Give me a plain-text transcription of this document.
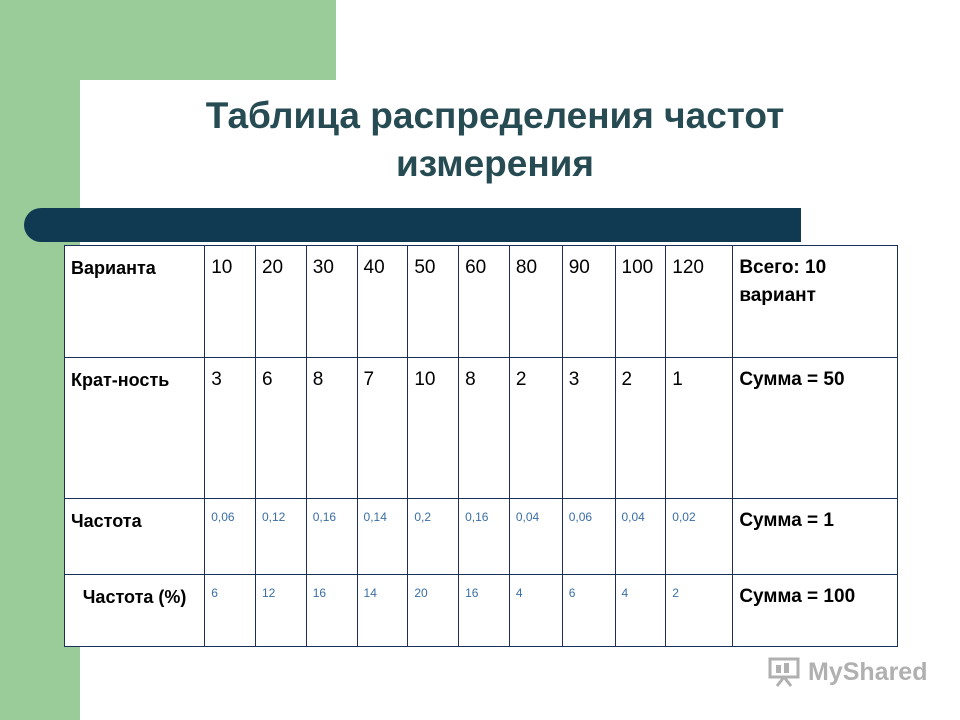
Таблица распределения частот
измерения
Варианта	10	20	30	40	50	60	80	90	100	120	Всего: 10 вариант
Крат-ность	3	6	8	7	10	8	2	3	2	1	Сумма = 50
Частота	0,06	0,12	0,16	0,14	0,2	0,16	0,04	0,06	0,04	0,02	Сумма = 1
Частота (%)	6	12	16	14	20	16	4	6	4	2	Сумма = 100
MyShared
